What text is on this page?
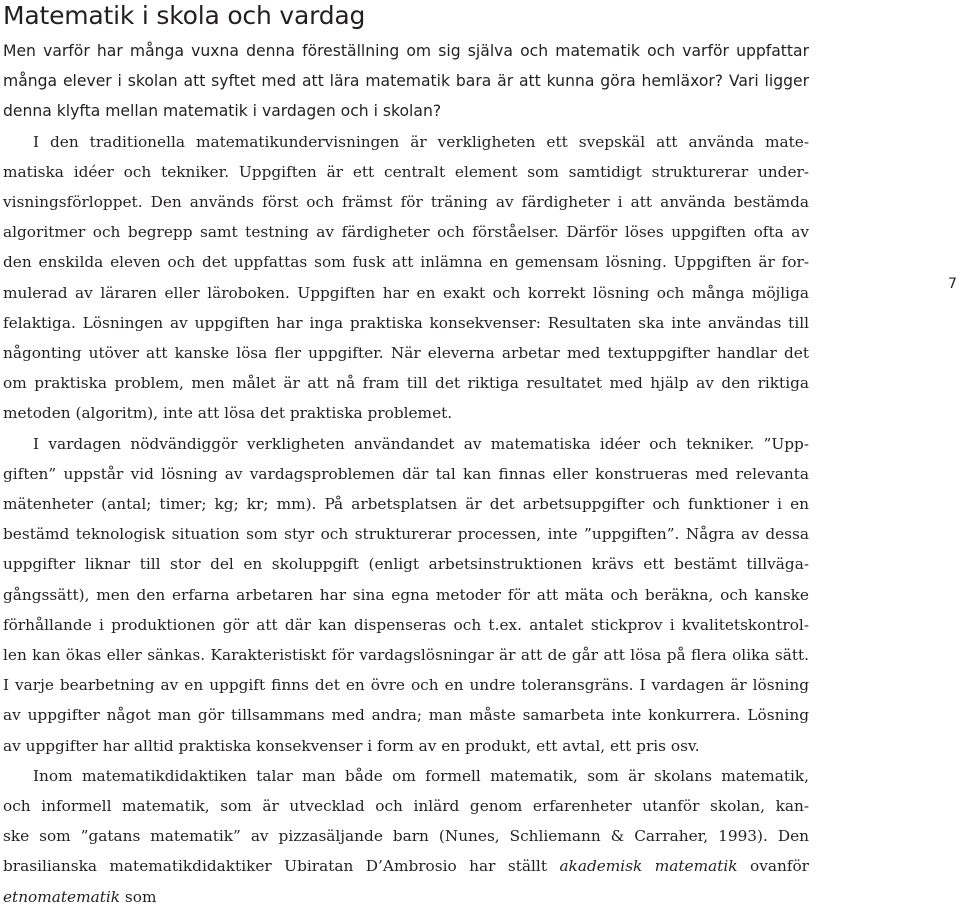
Matematik i skola och vardag
Men varför har många vuxna denna föreställning om sig själva och matematik och varför uppfattar
många elever i skolan att syftet med att lära matematik bara är att kunna göra hemläxor? Vari ligger
denna klyfta mellan matematik i vardagen och i skolan?
I den traditionella matematikundervisningen är verkligheten ett svepskäl att använda mate-
matiska idéer och tekniker. Uppgiften är ett centralt element som samtidigt strukturerar under-
visningsförloppet. Den används först och främst för träning av färdigheter i att använda bestämda
algoritmer och begrepp samt testning av färdigheter och förståelser. Därför löses uppgiften ofta av
den enskilda eleven och det uppfattas som fusk att inlämna en gemensam lösning. Uppgiften är for-
mulerad av läraren eller läroboken. Uppgiften har en exakt och korrekt lösning och många möjliga
felaktiga. Lösningen av uppgiften har inga praktiska konsekvenser: Resultaten ska inte användas till
någonting utöver att kanske lösa fler uppgifter. När eleverna arbetar med textuppgifter handlar det
om praktiska problem, men målet är att nå fram till det riktiga resultatet med hjälp av den riktiga
metoden (algoritm), inte att lösa det praktiska problemet.
I vardagen nödvändiggör verkligheten användandet av matematiska idéer och tekniker. ”Upp-
giften” uppstår vid lösning av vardagsproblemen där tal kan finnas eller konstrueras med relevanta
mätenheter (antal; timer; kg; kr; mm). På arbetsplatsen är det arbetsuppgifter och funktioner i en
bestämd teknologisk situation som styr och strukturerar processen, inte ”uppgiften”. Några av dessa
uppgifter liknar till stor del en skoluppgift (enligt arbetsinstruktionen krävs ett bestämt tillväga-
gångssätt), men den erfarna arbetaren har sina egna metoder för att mäta och beräkna, och kanske
förhållande i produktionen gör att där kan dispenseras och t.ex. antalet stickprov i kvalitetskontrol-
len kan ökas eller sänkas. Karakteristiskt för vardagslösningar är att de går att lösa på flera olika sätt.
I varje bearbetning av en uppgift finns det en övre och en undre toleransgräns. I vardagen är lösning
av uppgifter något man gör tillsammans med andra; man måste samarbeta inte konkurrera. Lösning
av uppgifter har alltid praktiska konsekvenser i form av en produkt, ett avtal, ett pris osv.
Inom matematikdidaktiken talar man både om formell matematik, som är skolans matematik,
och informell matematik, som är utvecklad och inlärd genom erfarenheter utanför skolan, kan-
ske som ”gatans matematik” av pizzasäljande barn (Nunes, Schliemann & Carraher, 1993). Den
brasilianska matematikdidaktiker Ubiratan D’Ambrosio har ställt akademisk matematik ovanför
etnomatematik som
7
